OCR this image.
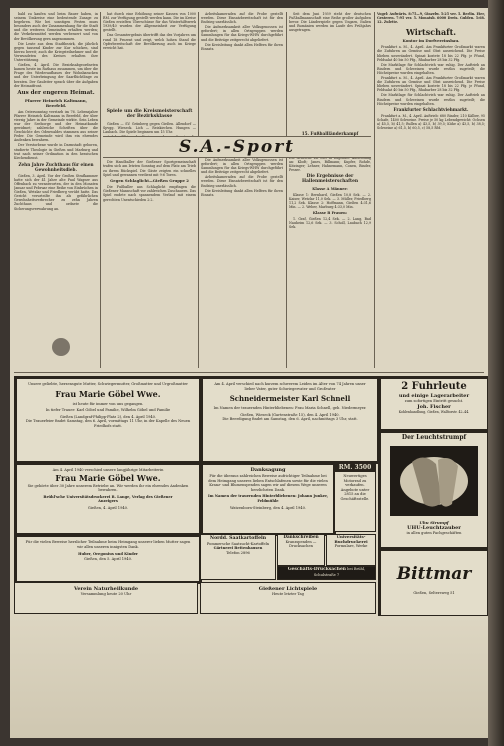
bald zu kaufen und beim Bauer haben, in seinem Umkreise eine bedeutende Zusage zu begehren. Wie bei sonstigen Festen muss besonders auch der Zusammenhang für die Stadt und die weiteren Gemeinden erhalten werden; die Verkehrsmittel werden verbessert und von der Bevölkerung gern angenommen.

Die Leute aus dem Stadtbezirk, die jährlich gegen tausend Kinder zur Kur schicken, sind hierzu bereit; auch die Kriegsteilnehmer und die Verwundeten des Kreises erhalten ihre Unterstützung.

Gießen, 4. April. Die Bezirksabgeordneten kamen heute im Rathaus zusammen, um über die Frage des Wiederaufbaues der Wohnbaracken und der Unterbringung der Saarflüchtlinge zu beraten. Der Gauleiter sprach über die Aufgaben der Heimatfront.

Aus der engeren Heimat.
Pfarrer Heinrich Kaltmann, Beerfeld.

Am Ostersonntag verstarb im 76. Lebensjahre Pfarrer Heinrich Kaltmann in Beerfeld, der über vierzig Jahre in der Gemeinde wirkte. Sein Leben war der Seelsorge und der Heimatkunde gewidmet; zahlreiche Schriften über die Geschichte des Odenwaldes stammen aus seiner Feder. Die Gemeinde wird ihm ein ehrendes Andenken bewahren.

Der Verstorbene wurde in Darmstadt geboren, studierte Theologie in Gießen und Marburg und trat nach seiner Ordination in den hessischen Kirchendienst.

Zehn Jahre Zuchthaus für einen Gewohnheitsdieb.

Gießen, 3. April. Vor der Großen Strafkammer hatte sich der 41 Jahre alte Paul Wagner aus Offenbach zu verantworten, der in den Monaten Januar und Februar eine Reihe von Einbrüchen in Gießen, Wetzlar und Friedberg verübt hatte. Das Gericht verurteilte ihn als gefährlichen Gewohnheitsverbrecher zu zehn Jahren Zuchthaus und ordnete die Sicherungsverwahrung an.

hat durch eine Erhöhung seiner Kassen von 1000 RM. zur Verfügung gestellt werden kann. Die im Kreise Gießen erzielten Überschüsse für das Winterhilfswerk 1939/40 wurden der Allgemeinheit zur Verfügung gestellt.

Das Gesamtergebnis übertrifft das des Vorjahres um rund 18 Prozent und zeigt, welch hohen Stand die Opferbereitschaft der Bevölkerung auch im Kriege erreicht hat.

Spiele um die Kreismeisterschaft der Bezirksklasse

Gießen — SV. Grünberg gegen Gießen. Allendorf — Spvgg. Wieseck. Lich — Reiskirchen. Hungen — Laubach. Die Spiele beginnen um 15 Uhr.

Die Handballer der Gießener Sportgemeinschaft trafen sich am letzten Sonntag auf dem Platz am Trieb zu ihrem Rückspiel. Die Gäste zeigten ein schnelles Spiel und gewannen verdient mit 9:6 Toren.

Gegen Schlaglicht—Gießen Gruppe 2

Die Fußballer aus Schlaglicht empfingen die Gießener Mannschaft vor zahlreichen Zuschauern. Das Spiel endete nach spannendem Verlauf mit einem gerechten Unentschieden 2:2.

Arbeitskameraden auf die Probe gestellt werden. Diese Einsatzbereitschaft ist für den Endsieg unerlässlich.

Die Aufmerksamkeit aller Volksgenossen ist gefordert; in allen Ortsgruppen werden Sammlungen für das Kriegs-WHW durchgeführt und die Beiträge zeitgerecht abgeliefert.

Die Kreisleitung dankt allen Helfern für ihren Einsatz.

Die Aufmerksamkeit aller Volksgenossen ist gefordert; in allen Ortsgruppen werden Sammlungen für das Kriegs-WHW durchgeführt und die Beiträge zeitgerecht abgeliefert.

Arbeitskameraden auf die Probe gestellt werden. Diese Einsatzbereitschaft ist für den Endsieg unerlässlich.

Die Kreisleitung dankt allen Helfern für ihren Einsatz.

Seit dem Juni 1939 steht der deutschen Fußballmannschaft eine Reihe großer Aufgaben bevor. Die Länderspiele gegen Ungarn, Italien und Rumänien werden im Laufe des Frühjahrs ausgetragen.

15. Fußballländerkampf

an: Klodt; Janes, Billmann; Kupfer, Rohde, Kitzinger; Lehner, Hahnemann, Conen, Binder, Pesser.

Die Ergebnisse der Hallenmeisterschaften
Klasse A Männer:

Klasse 1: Bernhard, Gießen 10,8 Sek. — 2. Kaiser, Wetzlar 11,0 Sek. — 3. Müller, Friedberg 11,2 Sek. Klasse 2: Hoffmann, Gießen 4:31,6 Min. — 2. Weber, Marburg 4:33,0 Min.

Klasse B Frauen:

1. Graf, Gießen 12,4 Sek. — 2. Lang, Bad Nauheim 12,6 Sek. — 3. Scholl, Laubach 12,9 Sek.

S.A.-Sport

Vogel: Aufwärts. 8:75—9, Ginzelw. 5:25 ver. 5. Berlin. Eier, Gesteren. 7:95 ver. 5. Monatsb. 6000 Dreis. Gulden. 5:68. 12. Zulette.

Wirtschaft.
Kontor im Dorfvereinsbau.

Frankfurt a. M., 4. April. Am Frankfurter Großmarkt waren die Zufuhren an Gemüse und Obst ausreichend. Die Preise blieben unverändert. Spinat kostete 18 bis 22 Pfg. je Pfund, Feldsalat 40 bis 50 Pfg., Rhabarber 28 bis 32 Pfg.

Die Marktlage für Schlachtvieh war ruhig. Der Auftrieb an Rindern und Schweinen wurde restlos zugeteilt; die Höchstpreise wurden eingehalten.

Frankfurt a. M., 4. April. Am Frankfurter Großmarkt waren die Zufuhren an Gemüse und Obst ausreichend. Die Preise blieben unverändert. Spinat kostete 18 bis 22 Pfg. je Pfund, Feldsalat 40 bis 50 Pfg., Rhabarber 28 bis 32 Pfg.

Die Marktlage für Schlachtvieh war ruhig. Der Auftrieb an Rindern und Schweinen wurde restlos zugeteilt; die Höchstpreise wurden eingehalten.

Frankfurter Schlachtviehmarkt.

Frankfurt a. M., 4. April. Auftrieb: 680 Rinder, 210 Kälber, 95 Schafe, 1400 Schweine. Preise je 50 kg Lebendgewicht: Ochsen a) 45,5, b) 41,5; Bullen a) 43,5, b) 39,5; Kühe a) 43,5, b) 38,5; Schweine a) 61,5, b) 60,5, c) 58,5 RM.

Unsere geliebte, herzensgute Mutter, Schwiegermutter, Großmutter und Urgroßmutter
Frau Marie Göbel Wwe.
ist heute für immer von uns gegangen.
In tiefer Trauer: Karl Göbel und Familie, Wilhelm Göbel und Familie
Gießen (Landgraf-Philipp-Platz 2), den 4. April 1940.
Die Trauerfeier findet Samstag, den 6. April, vormittags 11 Uhr, in der Kapelle des Neuen Friedhofs statt.
Am 4. April 1940 verschied unsere langjährige Mitarbeiterin
Frau Marie Göbel Wwe.
Sie gehörte über 30 Jahre unserem Betriebe an. Wir werden ihr ein ehrendes Andenken bewahren.
Brühl'sche Universitätsdruckerei R. Lange, Verlag des Gießener Anzeigers
Gießen, 4. April 1940.
Für die vielen Beweise herzlicher Teilnahme beim Heimgang unserer lieben Mutter sagen wir allen unseren innigsten Dank.
Huber, Oregonius und Kinder
Gießen, den 5. April 1940.
Am 4. April verschied nach kurzem schwerem Leiden im Alter von 74 Jahren unser lieber Vater, guter Schwiegervater und Großvater
Schneidermeister Karl Schnell
Im Namen der trauernden Hinterbliebenen: Frau Maria Schnell, geb. Niedermeyer.
Gießen, Wieseck (Gartenstraße 15), den 4. April 1940.
Die Beerdigung findet am Samstag, den 6. April, nachmittags 3 Uhr, statt.
Danksagung
Für die überaus zahlreichen Beweise aufrichtiger Teilnahme bei dem Heimgang unseres lieben Entschlafenen sowie für die vielen Kranz- und Blumenspenden sagen wir auf diesem Wege unseren herzlichsten Dank.
Im Namen der trauernden Hinterbliebenen: Johann Junker, Feldmühle
Watzenborn-Steinberg, den 4. April 1940.
RM. 3500
Neuwertiges Motorrad zu verkaufen. Angebote unter 2815 an die Geschäftsstelle.
Nordd. Saatkartoffeln
Pommersche Saatzucht-Kartoffeln
Gärtnerei Bettenhausen
Telefon 2896
Dankschreiben
Kranzspenden — Drucksachen
Universitäts-Buchdruckerei
Formulare, Werke
Geschäfts-Drucksachen bei Brühl, Schulstraße 7
Verein Naturheilkunde
Versammlung heute 20 Uhr
Gießener Lichtspiele
Heute letzter Tag
2 Fuhrleute
und einige Lagerarbeiter
zum sofortigen Eintritt gesucht.
Joh. Fischer
Kohlenhandlung, Gießen, Walltorstr. 42–44.
Der Leuchtstrumpf
Uhu Strumpf
UHU-Leuchtzauber
in allen guten Fachgeschäften
Bittmar
Gießen, Seltersweg 51
